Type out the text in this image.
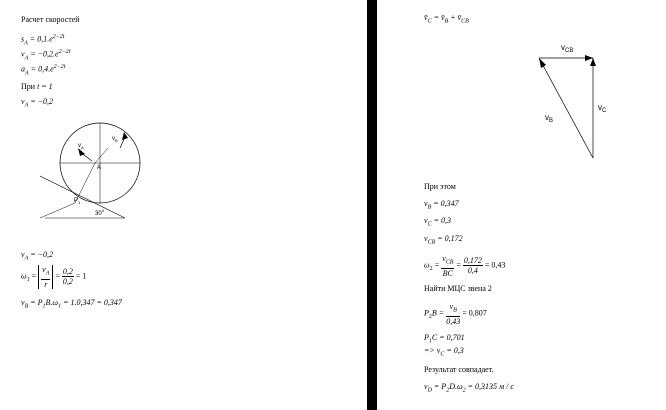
Расчет скоростей
$s_A = 0,1.e^{2-2t}$
$v_A = -0,2.e^{2-2t}$
$a_A = 0,4.e^{2-2t}$
При t = 1
$v_A = -0,2$
$v_A$
$v_B$
A
$P_1$
$30^0$
$v_A = -0,2$
$\omega_1 = \frac{v_A}{r} = \frac{0,2}{0,2} = 1$
$v_B = P_1B.\omega_1 = 1.0,347 = 0,347$
$v̄_C$ = $v̄_B$ + $v̄_{CB}$
$v_{CB}$
$v_B$
$v_C$
При этом
$v_B = 0,347$
$v_C = 0,3$
$v_{CB} = 0,172$
$\omega_2 = \frac{v_{CB}}{BC} = \frac{0,172}{0,4} = 0,43$
Найти МЦС звена 2
$P_2B = \frac{v_B}{0,43} = 0,807$
$P_1C = 0,701$
=> $v_C = 0,3$
Результат совпадает.
$v_D = P_2D.\omega_2 = 0,3135$ м / с
